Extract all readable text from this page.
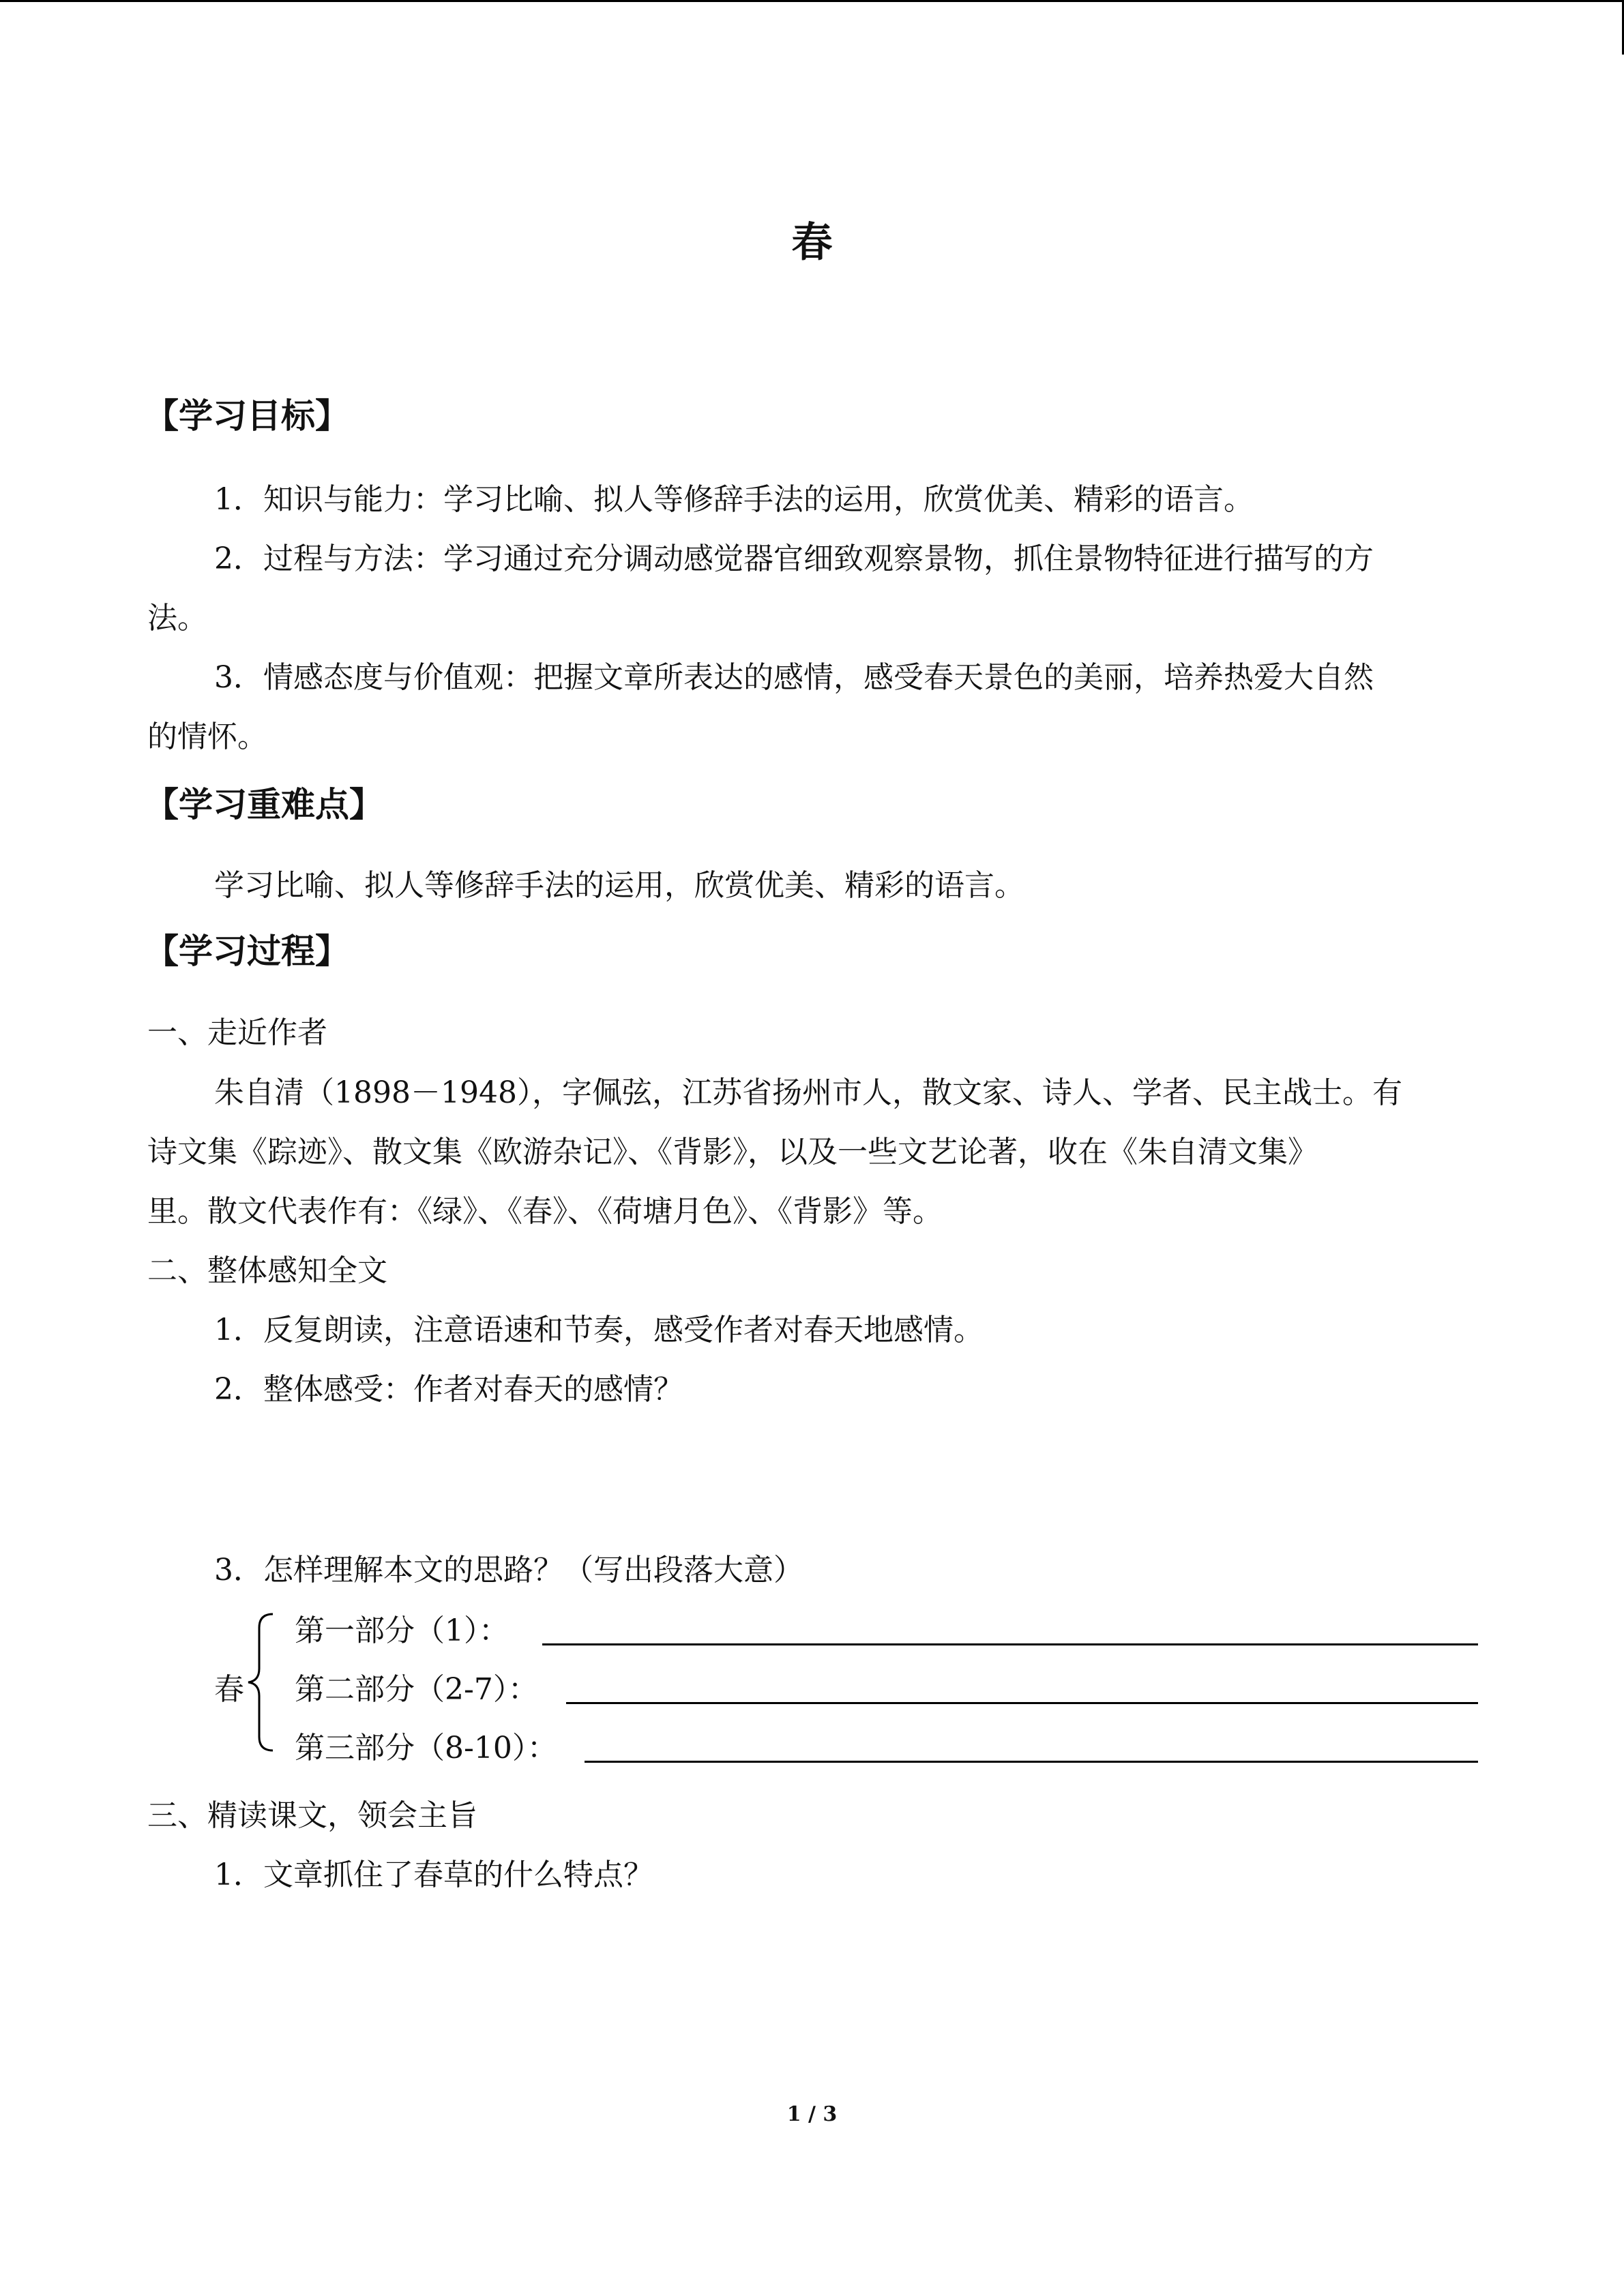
春
【学习目标】
1．知识与能力：学习比喻、拟人等修辞手法的运用，欣赏优美、精彩的语言。
2．过程与方法：学习通过充分调动感觉器官细致观察景物，抓住景物特征进行描写的方
法。
3．情感态度与价值观：把握文章所表达的感情，感受春天景色的美丽，培养热爱大自然
的情怀。
【学习重难点】
学习比喻、拟人等修辞手法的运用，欣赏优美、精彩的语言。
【学习过程】
一、走近作者
朱自清（1898－1948），字佩弦，江苏省扬州市人，散文家、诗人、学者、民主战士。有
诗文集《踪迹》、散文集《欧游杂记》、《背影》，以及一些文艺论著，收在《朱自清文集》
里。散文代表作有：《绿》、《春》、《荷塘月色》、《背影》等。
二、整体感知全文
1．反复朗读，注意语速和节奏，感受作者对春天地感情。
2．整体感受：作者对春天的感情？
3．怎样理解本文的思路？（写出段落大意）
春
第一部分（1）：
第二部分（2-7）：
第三部分（8-10）：
三、精读课文，领会主旨
1．文章抓住了春草的什么特点？
1 / 3
